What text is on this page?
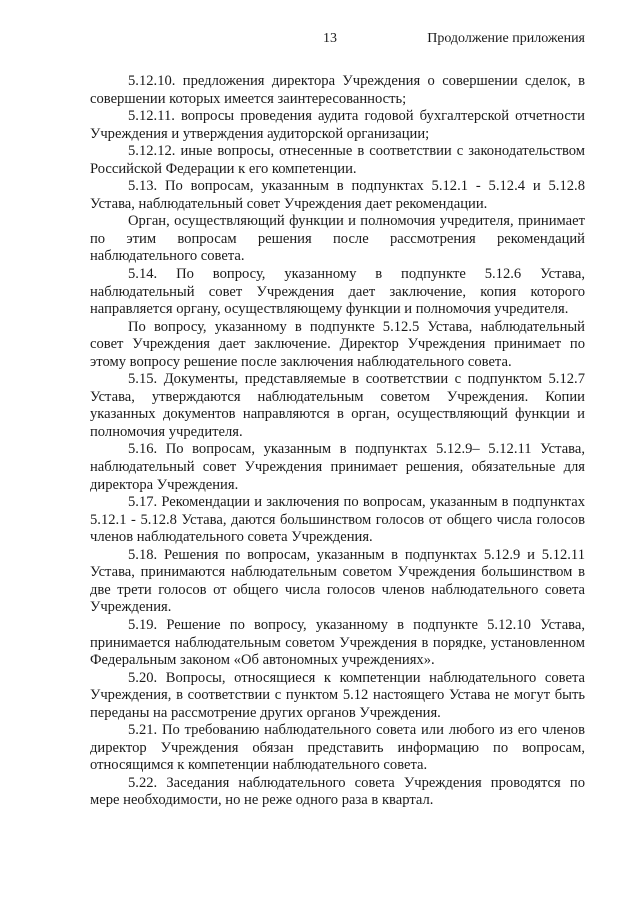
13	Продолжение приложения

5.12.10. предложения директора Учреждения о совершении сделок, в совершении которых имеется заинтересованность;

5.12.11. вопросы проведения аудита годовой бухгалтерской отчетности Учреждения и утверждения аудиторской организации;

5.12.12. иные вопросы, отнесенные в соответствии с законодательством Российской Федерации к его компетенции.

5.13. По вопросам, указанным в подпунктах 5.12.1 - 5.12.4 и 5.12.8 Устава, наблюдательный совет Учреждения дает рекомендации.

Орган, осуществляющий функции и полномочия учредителя, принимает по этим вопросам решения после рассмотрения рекомендаций наблюдательного совета.

5.14. По вопросу, указанному в подпункте 5.12.6 Устава, наблюдательный совет Учреждения дает заключение, копия которого направляется органу, осуществляющему функции и полномочия учредителя.

По вопросу, указанному в подпункте 5.12.5 Устава, наблюдательный совет Учреждения дает заключение. Директор Учреждения принимает по этому вопросу решение после заключения наблюдательного совета.

5.15. Документы, представляемые в соответствии с подпунктом 5.12.7 Устава, утверждаются наблюдательным советом Учреждения. Копии указанных документов направляются в орган, осуществляющий функции и полномочия учредителя.

5.16. По вопросам, указанным в подпунктах 5.12.9– 5.12.11 Устава, наблюдательный совет Учреждения принимает решения, обязательные для директора Учреждения.

5.17. Рекомендации и заключения по вопросам, указанным в подпунктах 5.12.1 - 5.12.8 Устава, даются большинством голосов от общего числа голосов членов наблюдательного совета Учреждения.

5.18. Решения по вопросам, указанным в подпунктах 5.12.9 и 5.12.11 Устава, принимаются наблюдательным советом Учреждения большинством в две трети голосов от общего числа голосов членов наблюдательного совета Учреждения.

5.19. Решение по вопросу, указанному в подпункте 5.12.10 Устава, принимается наблюдательным советом Учреждения в порядке, установленном Федеральным законом «Об автономных учреждениях».

5.20. Вопросы, относящиеся к компетенции наблюдательного совета Учреждения, в соответствии с пунктом 5.12 настоящего Устава не могут быть переданы на рассмотрение других органов Учреждения.

5.21. По требованию наблюдательного совета или любого из его членов директор Учреждения обязан представить информацию по вопросам, относящимся к компетенции наблюдательного совета.

5.22. Заседания наблюдательного совета Учреждения проводятся по мере необходимости, но не реже одного раза в квартал.
